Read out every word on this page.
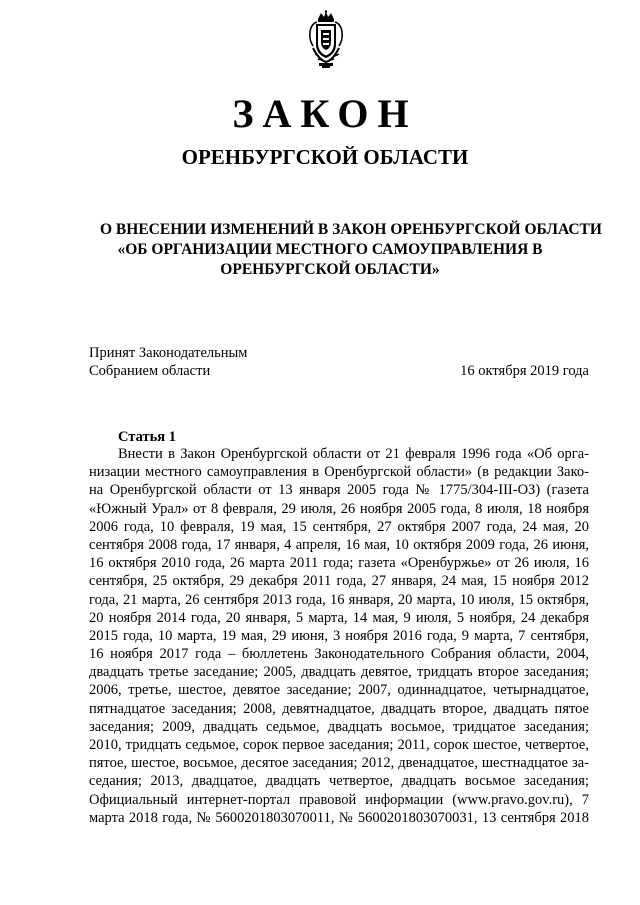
ЗАКОН
ОРЕНБУРГСКОЙ ОБЛАСТИ
О ВНЕСЕНИИ ИЗМЕНЕНИЙ В ЗАКОН ОРЕНБУРГСКОЙ ОБЛАСТИ
«ОБ ОРГАНИЗАЦИИ МЕСТНОГО САМОУПРАВЛЕНИЯ В
ОРЕНБУРГСКОЙ ОБЛАСТИ»
Принят Законодательным
Собранием области	16 октября 2019 года
Статья 1
Внести в Закон Оренбургской области от 21 февраля 1996 года «Об орга-
низации местного самоуправления в Оренбургской области» (в редакции Зако-
на Оренбургской области от 13 января 2005 года № 1775/304-III-ОЗ) (газета
«Южный Урал» от 8 февраля, 29 июля, 26 ноября 2005 года, 8 июля, 18 ноября
2006 года, 10 февраля, 19 мая, 15 сентября, 27 октября 2007 года, 24 мая, 20
сентября 2008 года, 17 января, 4 апреля, 16 мая, 10 октября 2009 года, 26 июня,
16 октября 2010 года, 26 марта 2011 года; газета «Оренбуржье» от 26 июля, 16
сентября, 25 октября, 29 декабря 2011 года, 27 января, 24 мая, 15 ноября 2012
года, 21 марта, 26 сентября 2013 года, 16 января, 20 марта, 10 июля, 15 октября,
20 ноября 2014 года, 20 января, 5 марта, 14 мая, 9 июля, 5 ноября, 24 декабря
2015 года, 10 марта, 19 мая, 29 июня, 3 ноября 2016 года, 9 марта, 7 сентября,
16 ноября 2017 года – бюллетень Законодательного Собрания области, 2004,
двадцать третье заседание; 2005, двадцать девятое, тридцать второе заседания;
2006, третье, шестое, девятое заседание; 2007, одиннадцатое, четырнадцатое,
пятнадцатое заседания; 2008, девятнадцатое, двадцать второе, двадцать пятое
заседания; 2009, двадцать седьмое, двадцать восьмое, тридцатое заседания;
2010, тридцать седьмое, сорок первое заседания; 2011, сорок шестое, четвертое,
пятое, шестое, восьмое, десятое заседания; 2012, двенадцатое, шестнадцатое за-
седания; 2013, двадцатое, двадцать четвертое, двадцать восьмое заседания;
Официальный интернет-портал правовой информации (www.pravo.gov.ru), 7
марта 2018 года, № 5600201803070011, № 5600201803070031, 13 сентября 2018
